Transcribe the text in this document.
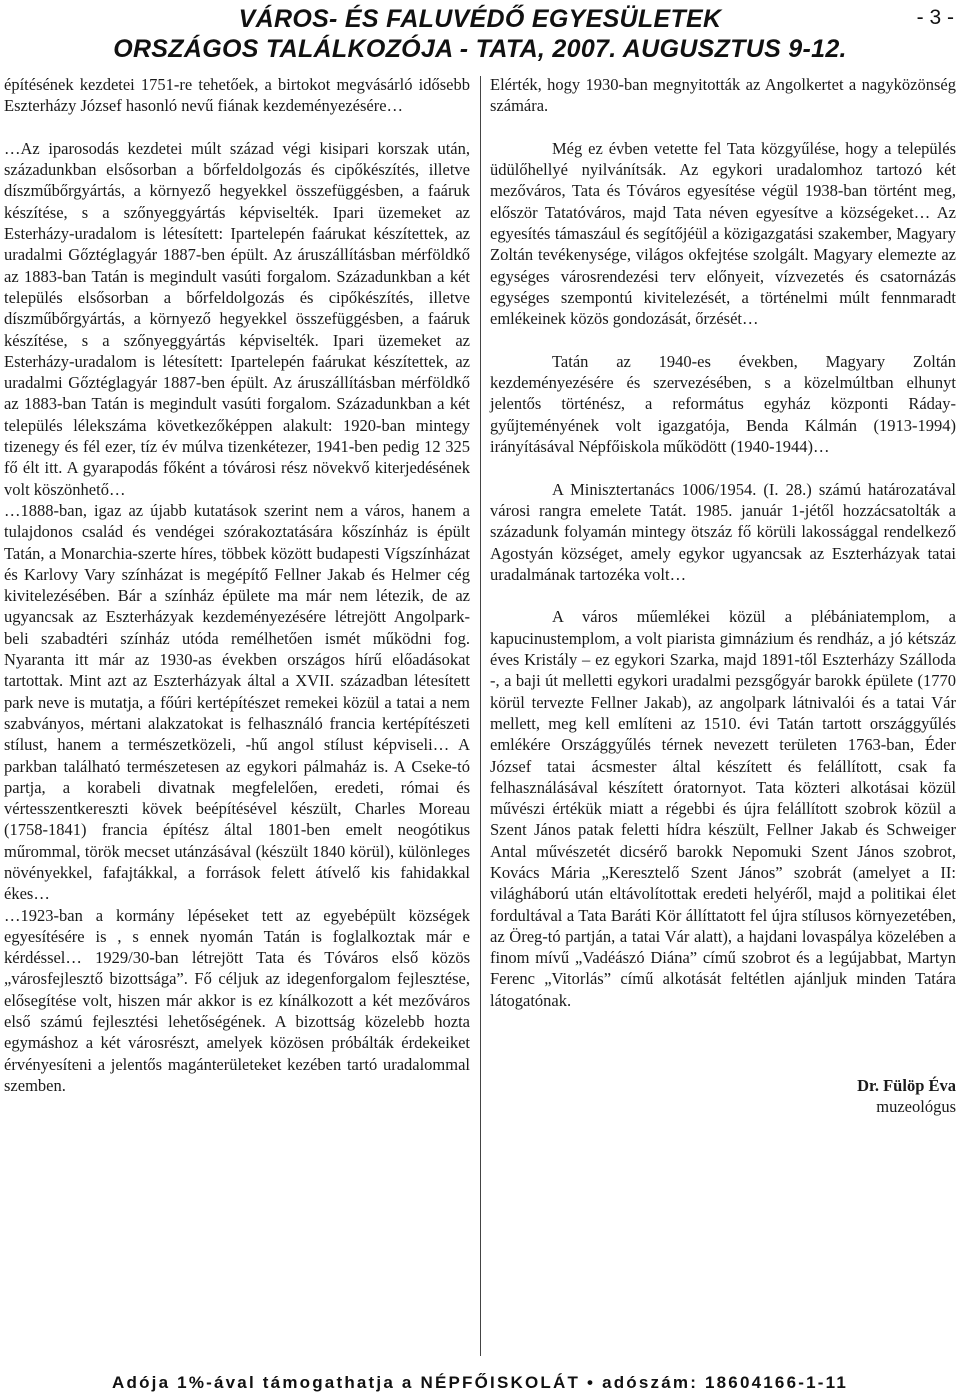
VÁROS- ÉS FALUVÉDŐ EGYESÜLETEK
ORSZÁGOS TALÁLKOZÓJA - TATA, 2007. AUGUSZTUS 9-12.
- 3 -

építésének kezdetei 1751-re tehetőek, a birtokot megvásárló idősebb Eszterházy József hasonló nevű fiának kezdeményezésére…

…Az iparosodás kezdetei múlt század végi kisipari korszak után, századunkban elsősorban a bőrfeldolgozás és cipőkészítés, illetve díszműbőrgyártás, a környező hegyekkel összefüggésben, a faáruk készítése, s a szőnyeggyártás képviselték. Ipari üzemeket az Esterházy-uradalom is létesített: Ipartelepén faárukat készítettek, az uradalmi Gőztéglagyár 1887-ben épült. Az áruszállításban mérföldkő az 1883-ban Tatán is megindult vasúti forgalom. Századunkban a két település elsősorban a bőrfeldolgozás és cipőkészítés, illetve díszműbőrgyártás, a környező hegyekkel összefüggésben, a faáruk készítése, s a szőnyeggyártás képviselték. Ipari üzemeket az Esterházy-uradalom is létesített: Ipartelepén faárukat készítettek, az uradalmi Gőztéglagyár 1887-ben épült. Az áruszállításban mérföldkő az 1883-ban Tatán is megindult vasúti forgalom. Századunkban a két település lélekszáma következőképpen alakult: 1920-ban mintegy tizenegy és fél ezer, tíz év múlva tizenkétezer, 1941-ben pedig 12 325 fő élt itt. A gyarapodás főként a tóvárosi rész növekvő kiterjedésének volt köszönhető…

…1888-ban, igaz az újabb kutatások szerint nem a város, hanem a tulajdonos család és vendégei szórakoztatására kőszínház is épült Tatán, a Monarchia-szerte híres, többek között budapesti Vígszínházat és Karlovy Vary színházat is megépítő Fellner Jakab és Helmer cég kivitelezésében. Bár a színház épülete ma már nem létezik, de az ugyancsak az Eszterházyak kezdeményezésére létrejött Angolpark-beli szabadtéri színház utóda remélhetően ismét működni fog. Nyaranta itt már az 1930-as években országos hírű előadásokat tartottak. Mint azt az Eszterházyak által a XVII. században létesített park neve is mutatja, a főúri kertépítészet remekei közül a tatai a nem szabványos, mértani alakzatokat is felhasználó francia kertépítészeti stílust, hanem a természetközeli, -hű angol stílust képviseli… A parkban található természetesen az egykori pálmaház is. A Cseke-tó partja, a korabeli divatnak megfelelően, eredeti, római és vértesszentkereszti kövek beépítésével készült, Charles Moreau (1758-1841) francia építész által 1801-ben emelt neogótikus műrommal, török mecset utánzásával (készült 1840 körül), különleges növényekkel, fafajtákkal, a források felett átívelő kis fahidakkal ékes…

…1923-ban a kormány lépéseket tett az egyebépült községek egyesítésére is , s ennek nyomán Tatán is foglalkoztak már e kérdéssel… 1929/30-ban létrejött Tata és Tóváros első közös „városfejlesztő bizottsága”. Fő céljuk az idegenforgalom fejlesztése, elősegítése volt, hiszen már akkor is ez kínálkozott a két mezőváros első számú fejlesztési lehetőségének. A bizottság közelebb hozta egymáshoz a két városrészt, amelyek közösen próbálták érdekeiket érvényesíteni a jelentős magánterületeket kezében tartó uradalommal szemben.

Elérték, hogy 1930-ban megnyitották az Angolkertet a nagyközönség számára.

Még ez évben vetette fel Tata közgyűlése, hogy a település üdülőhellyé nyilvánítsák. Az egykori uradalomhoz tartozó két mezőváros, Tata és Tóváros egyesítése végül 1938-ban történt meg, először Tatatóváros, majd Tata néven egyesítve a községeket… Az egyesítés támaszául és segítőjéül a közigazgatási szakember, Magyary Zoltán tevékenysége, világos okfejtése szolgált. Magyary elemezte az egységes városrendezési terv előnyeit, vízvezetés és csatornázás egységes szempontú kivitelezését, a történelmi múlt fennmaradt emlékeinek közös gondozását, őrzését…

Tatán az 1940-es években, Magyary Zoltán kezdeményezésére és szervezésében, s a közelmúltban elhunyt jelentős történész, a református egyház központi Ráday-gyűjteményének volt igazgatója, Benda Kálmán (1913-1994) irányításával Népfőiskola működött (1940-1944)…

A Minisztertanács 1006/1954. (I. 28.) számú határozatával városi rangra emelete Tatát. 1985. január 1-jétől hozzácsatolták a századunk folyamán mintegy ötszáz fő körüli lakossággal rendelkező Agostyán községet, amely egykor ugyancsak az Eszterházyak tatai uradalmának tartozéka volt…

A város műemlékei közül a plébániatemplom, a kapucinustemplom, a volt piarista gimnázium és rendház, a jó kétszáz éves Kristály – ez egykori Szarka, majd 1891-től Eszterházy Szálloda -, a baji út melletti egykori uradalmi pezsgőgyár barokk épülete (1770 körül tervezte Fellner Jakab), az angolpark látnivalói és a tatai Vár mellett, meg kell említeni az 1510. évi Tatán tartott országgyűlés emlékére Országgyűlés térnek nevezett területen 1763-ban, Éder József tatai ácsmester által készített és felállított, csak fa felhasználásával készített óratornyot. Tata közteri alkotásai közül művészi értékük miatt a régebbi és újra felállított szobrok közül a Szent János patak feletti hídra készült, Fellner Jakab és Schweiger Antal művészetét dicsérő barokk Nepomuki Szent János szobrot, Kovács Mária „Keresztelő Szent János” szobrát (amelyet a II: világháború után eltávolítottak eredeti helyéről, majd a politikai élet fordultával a Tata Baráti Kör állíttatott fel újra stílusos környezetében, az Öreg-tó partján, a tatai Vár alatt), a hajdani lovaspálya közelében a finom mívű „Vadéászó Diána” című szobrot és a legújabbat, Martyn Ferenc „Vitorlás” című alkotását feltétlen ajánljuk minden Tatára látogatónak.

Dr. Fülöp Éva
muzeológus
Adója 1%-ával támogathatja a NÉPFŐISKOLÁT • adószám: 18604166-1-11
